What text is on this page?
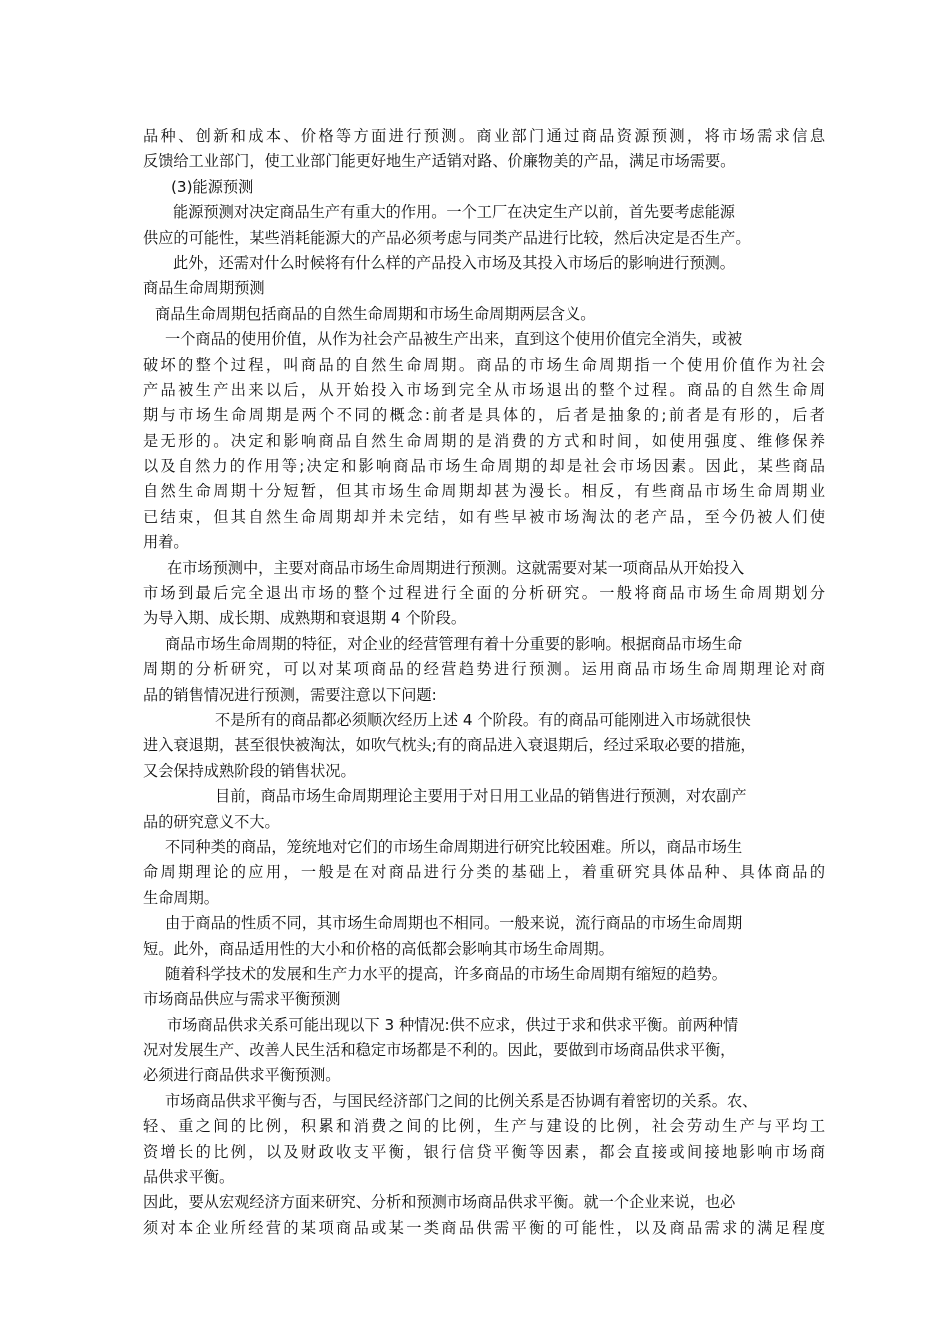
品种、创新和成本、价格等方面进行预测。商业部门通过商品资源预测，将市场需求信息
反馈给工业部门，使工业部门能更好地生产适销对路、价廉物美的产品，满足市场需要。
(3)能源预测
能源预测对决定商品生产有重大的作用。一个工厂在决定生产以前，首先要考虑能源
供应的可能性，某些消耗能源大的产品必须考虑与同类产品进行比较，然后决定是否生产。
此外，还需对什么时候将有什么样的产品投入市场及其投入市场后的影响进行预测。
商品生命周期预测
商品生命周期包括商品的自然生命周期和市场生命周期两层含义。
一个商品的使用价值，从作为社会产品被生产出来，直到这个使用价值完全消失，或被
破坏的整个过程，叫商品的自然生命周期。商品的市场生命周期指一个使用价值作为社会
产品被生产出来以后，从开始投入市场到完全从市场退出的整个过程。商品的自然生命周
期与市场生命周期是两个不同的概念:前者是具体的，后者是抽象的;前者是有形的，后者
是无形的。决定和影响商品自然生命周期的是消费的方式和时间，如使用强度、维修保养
以及自然力的作用等;决定和影响商品市场生命周期的却是社会市场因素。因此，某些商品
自然生命周期十分短暂，但其市场生命周期却甚为漫长。相反，有些商品市场生命周期业
已结束，但其自然生命周期却并未完结，如有些早被市场淘汰的老产品，至今仍被人们使
用着。
在市场预测中，主要对商品市场生命周期进行预测。这就需要对某一项商品从开始投入
市场到最后完全退出市场的整个过程进行全面的分析研究。一般将商品市场生命周期划分
为导入期、成长期、成熟期和衰退期 4 个阶段。
商品市场生命周期的特征，对企业的经营管理有着十分重要的影响。根据商品市场生命
周期的分析研究，可以对某项商品的经营趋势进行预测。运用商品市场生命周期理论对商
品的销售情况进行预测，需要注意以下问题:
不是所有的商品都必须顺次经历上述 4 个阶段。有的商品可能刚进入市场就很快
进入衰退期，甚至很快被淘汰，如吹气枕头;有的商品进入衰退期后，经过采取必要的措施，
又会保持成熟阶段的销售状况。
目前，商品市场生命周期理论主要用于对日用工业品的销售进行预测，对农副产
品的研究意义不大。
不同种类的商品，笼统地对它们的市场生命周期进行研究比较困难。所以，商品市场生
命周期理论的应用，一般是在对商品进行分类的基础上，着重研究具体品种、具体商品的
生命周期。
由于商品的性质不同，其市场生命周期也不相同。一般来说，流行商品的市场生命周期
短。此外，商品适用性的大小和价格的高低都会影响其市场生命周期。
随着科学技术的发展和生产力水平的提高，许多商品的市场生命周期有缩短的趋势。
市场商品供应与需求平衡预测
市场商品供求关系可能出现以下 3 种情况:供不应求，供过于求和供求平衡。前两种情
况对发展生产、改善人民生活和稳定市场都是不利的。因此，要做到市场商品供求平衡，
必须进行商品供求平衡预测。
市场商品供求平衡与否，与国民经济部门之间的比例关系是否协调有着密切的关系。农、
轻、重之间的比例，积累和消费之间的比例，生产与建设的比例，社会劳动生产与平均工
资增长的比例，以及财政收支平衡，银行信贷平衡等因素，都会直接或间接地影响市场商
品供求平衡。
因此，要从宏观经济方面来研究、分析和预测市场商品供求平衡。就一个企业来说，也必
须对本企业所经营的某项商品或某一类商品供需平衡的可能性，以及商品需求的满足程度
